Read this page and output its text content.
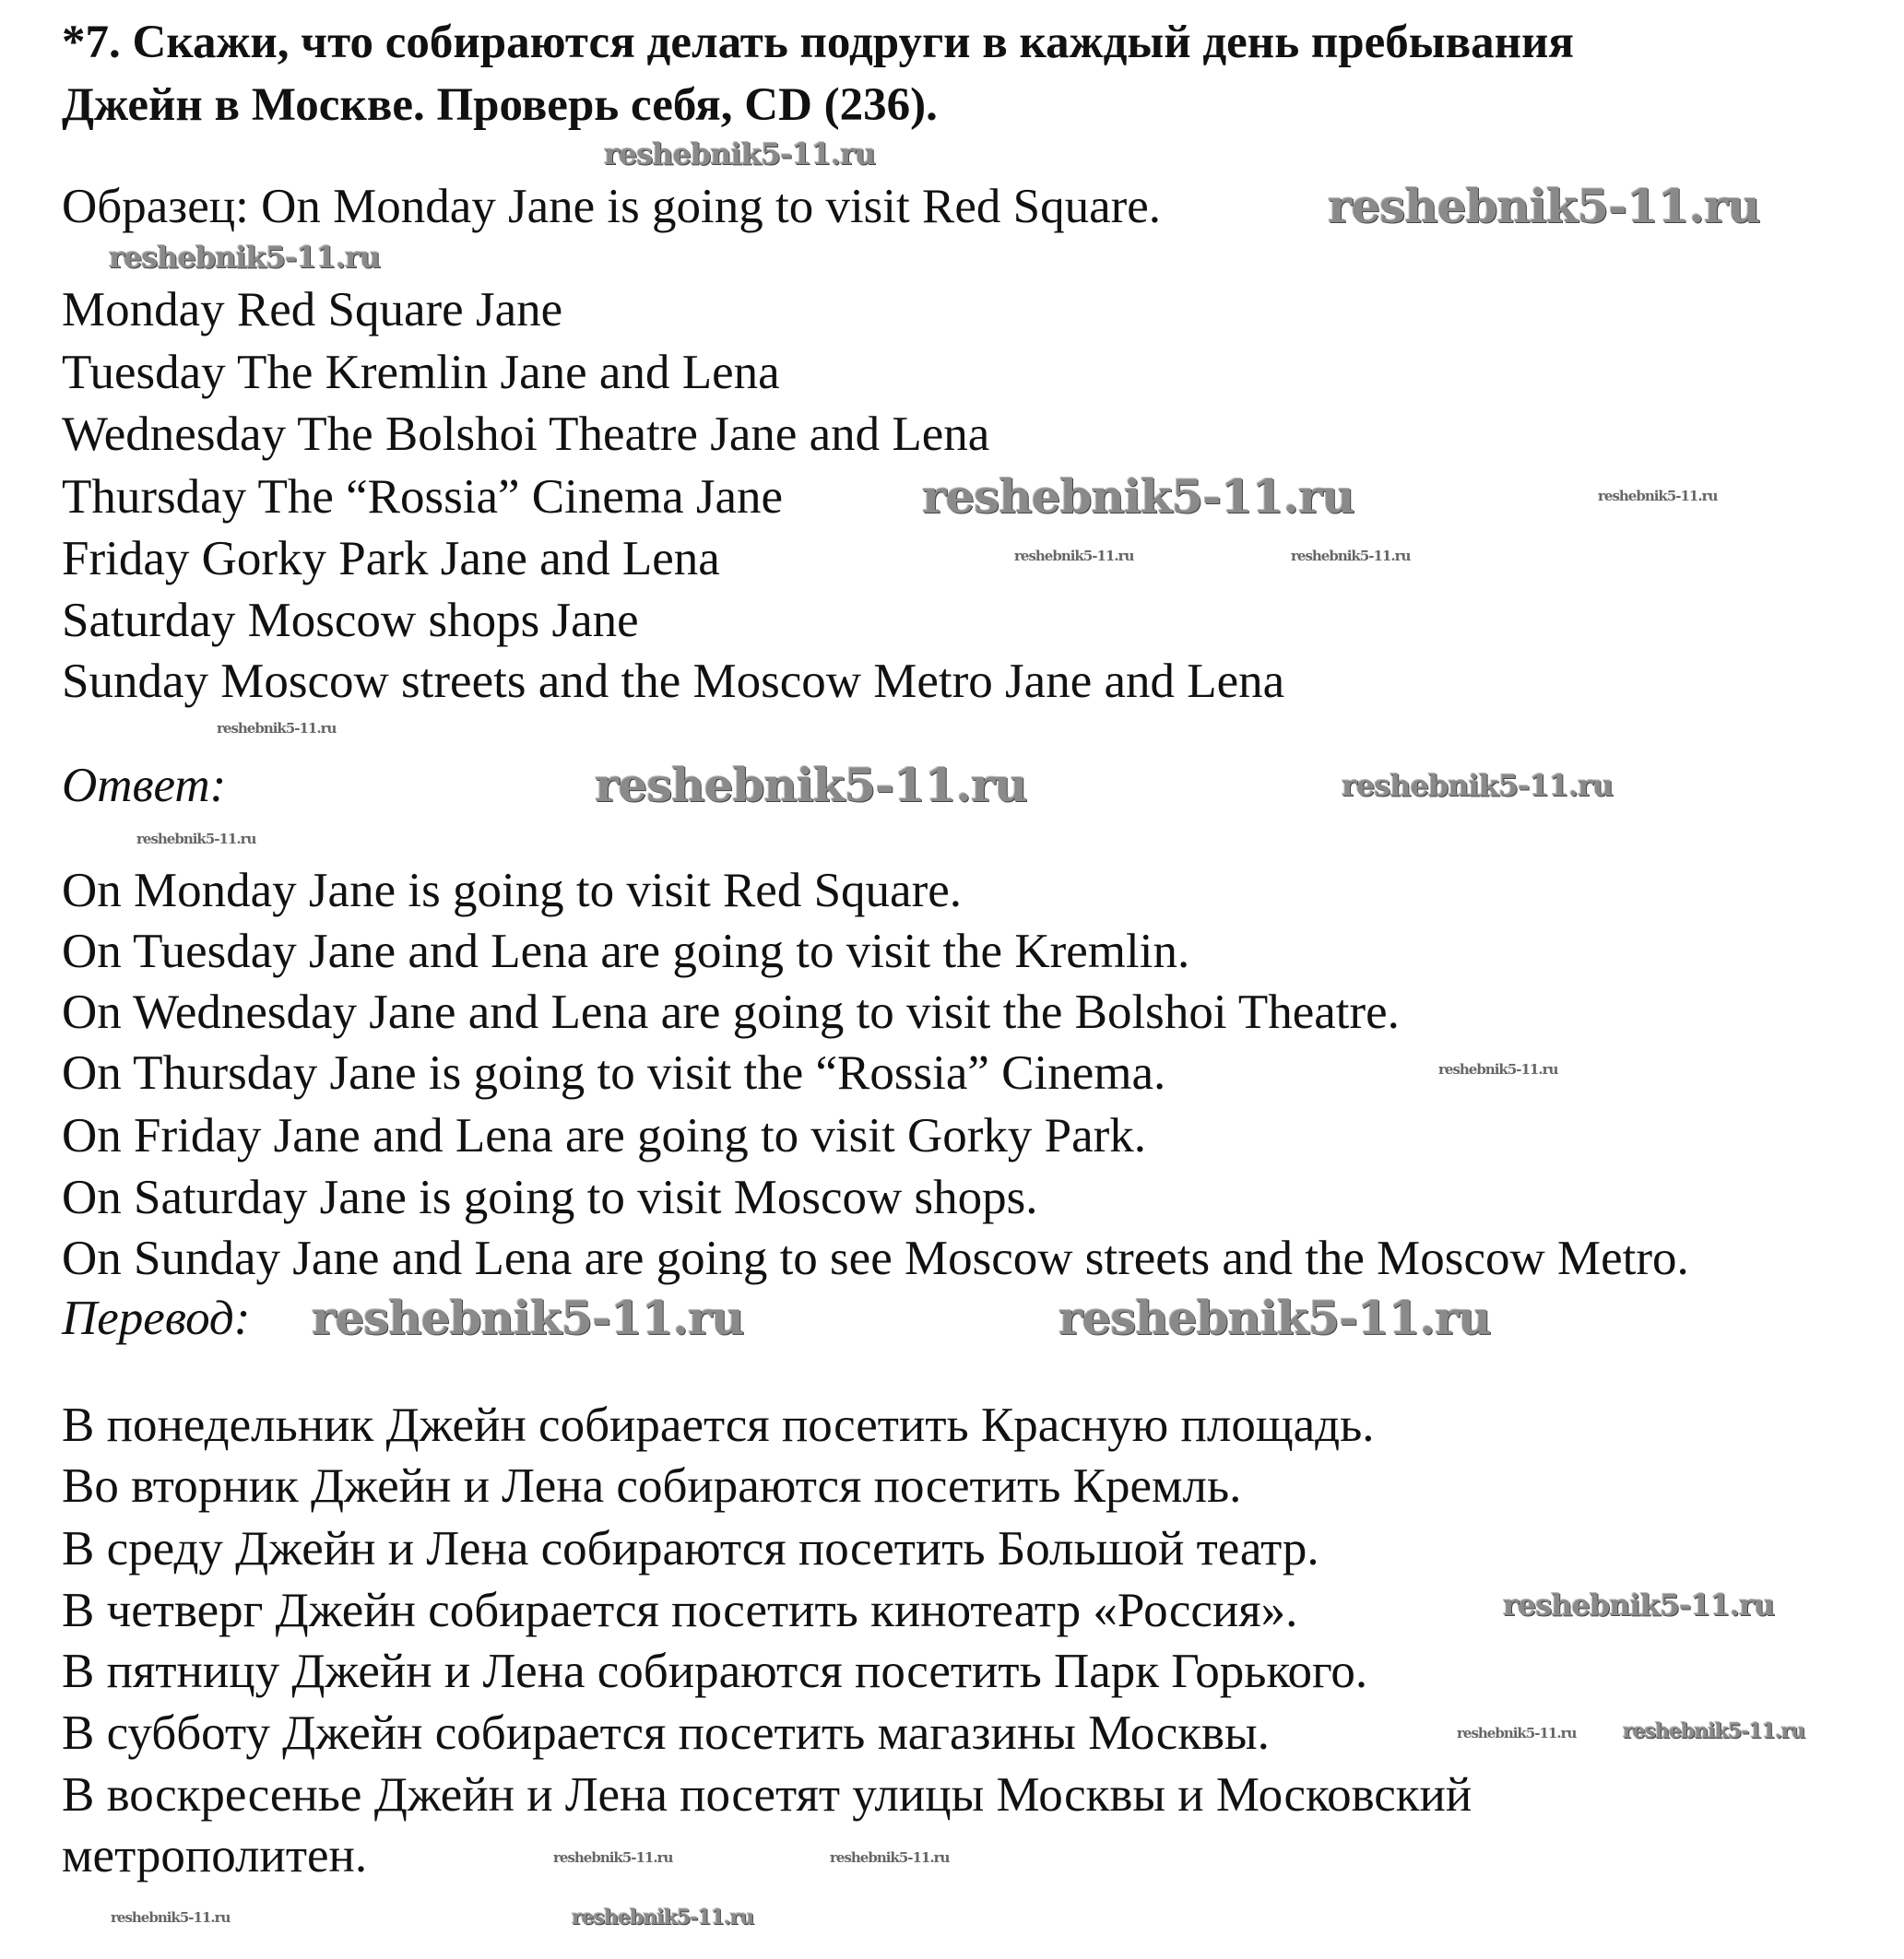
*7. Скажи, что собираются делать подруги в каждый день пребывания
Джейн в Москве. Проверь себя, CD (236).
Образец: On Monday Jane is going to visit Red Square.
Monday Red Square Jane
Tuesday The Kremlin Jane and Lena
Wednesday The Bolshoi Theatre Jane and Lena
Thursday The “Rossia” Cinema Jane
Friday Gorky Park Jane and Lena
Saturday Moscow shops Jane
Sunday Moscow streets and the Moscow Metro Jane and Lena
Ответ:
On Monday Jane is going to visit Red Square.
On Tuesday Jane and Lena are going to visit the Kremlin.
On Wednesday Jane and Lena are going to visit the Bolshoi Theatre.
On Thursday Jane is going to visit the “Rossia” Cinema.
On Friday Jane and Lena are going to visit Gorky Park.
On Saturday Jane is going to visit Moscow shops.
On Sunday Jane and Lena are going to see Moscow streets and the Moscow Metro.
Перевод:
В понедельник Джейн собирается посетить Красную площадь.
Во вторник Джейн и Лена собираются посетить Кремль.
В среду Джейн и Лена собираются посетить Большой театр.
В четверг Джейн собирается посетить кинотеатр «Россия».
В пятницу Джейн и Лена собираются посетить Парк Горького.
В субботу Джейн собирается посетить магазины Москвы.
В воскресенье Джейн и Лена посетят улицы Москвы и Московский
метрополитен.
reshebnik5-11.ru
reshebnik5-11.ru
reshebnik5-11.ru
reshebnik5-11.ru	reshebnik5-11.ru
reshebnik5-11.ru	reshebnik5-11.ru
reshebnik5-11.ru
reshebnik5-11.ru	reshebnik5-11.ru
reshebnik5-11.ru
reshebnik5-11.ru
reshebnik5-11.ru
reshebnik5-11.ru
reshebnik5-11.ru
reshebnik5-11.ru reshebnik5-11.ru
reshebnik5-11.ru	reshebnik5-11.ru
reshebnik5-11.ru	reshebnik5-11.ru
